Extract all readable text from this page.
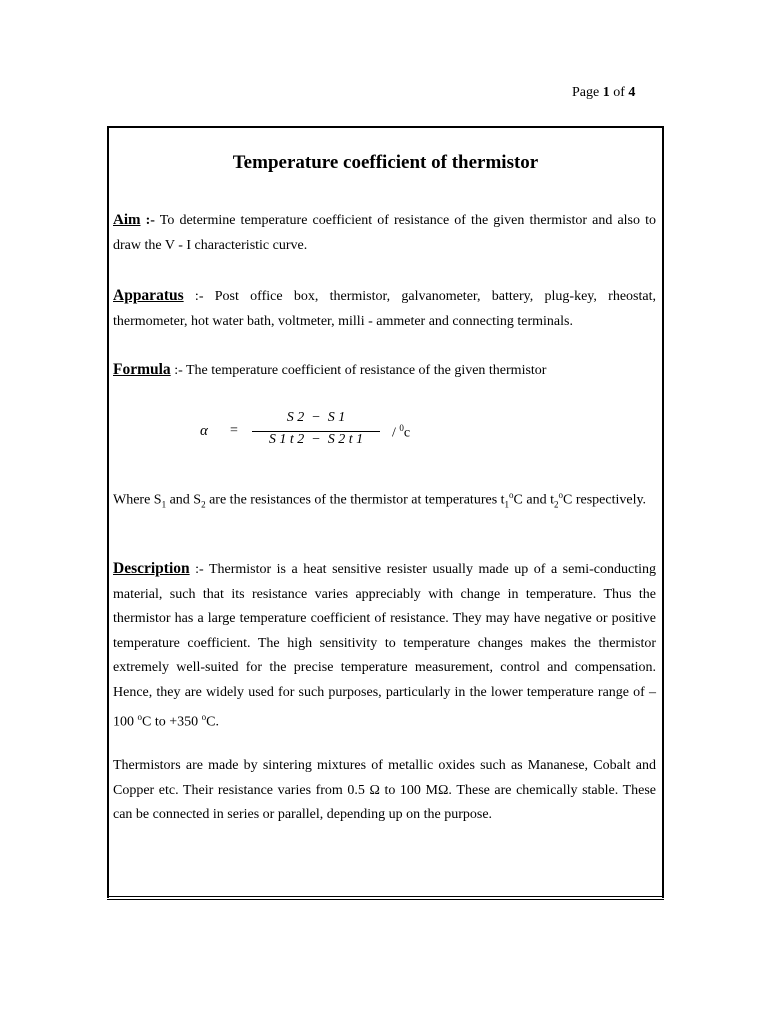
Page 1 of 4
Temperature coefficient of thermistor
Aim :- To determine temperature coefficient of resistance of the given thermistor and also to draw the V - I characteristic curve.
Apparatus :- Post office box, thermistor, galvanometer, battery, plug-key, rheostat, thermometer, hot water bath, voltmeter, milli - ammeter and connecting terminals.
Formula :- The temperature coefficient of resistance of the given thermistor
α =
S 2  −  S 1
S 1 t 2  −  S 2 t 1	/ $^0$c
Where $S_1$ and $S_2$ are the resistances of the thermistor at temperatures $t_1^oC$ and $t_2^oC$ respectively.
Description :- Thermistor is a heat sensitive resister usually made up of a semi-conducting material, such that its resistance varies appreciably with change in temperature. Thus the thermistor has a large temperature coefficient of resistance. They may have negative or positive temperature coefficient. The high sensitivity to temperature changes makes the thermistor extremely well-suited for the precise temperature measurement, control and compensation. Hence, they are widely used for such purposes, particularly in the lower temperature range of –100 $^o$C to +350 $^o$C.
Thermistors are made by sintering mixtures of metallic oxides such as Mananese, Cobalt and Copper etc. Their resistance varies from 0.5 Ω to 100 MΩ. These are chemically stable. These can be connected in series or parallel, depending up on the purpose.
